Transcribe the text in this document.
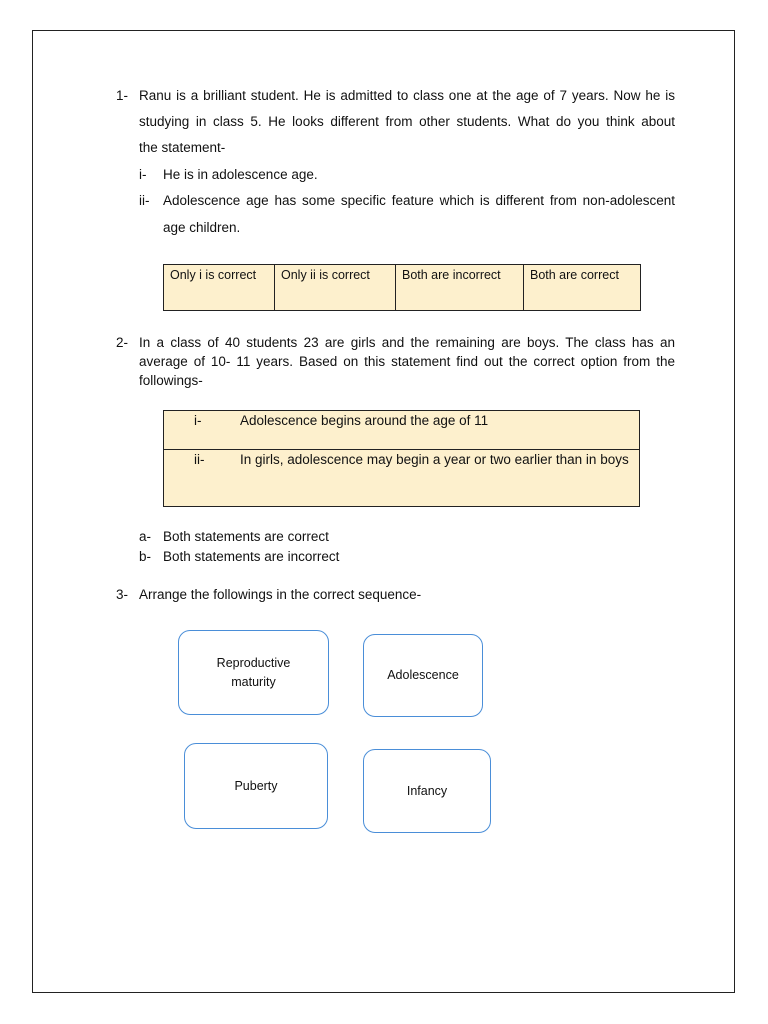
1- Ranu is a brilliant student. He is admitted to class one at the age of 7 years. Now he is
studying in class 5. He looks different from other students. What do you think about
the statement-
i- He is in adolescence age.
ii- Adolescence age has some specific feature which is different from non-adolescent
age children.
Only i is correct	Only ii is correct	Both are incorrect	Both are correct
2- In a class of 40 students 23 are girls and the remaining are boys. The class has an
average of 10- 11 years. Based on this statement find out the correct option from the
followings-
i-	Adolescence begins around the age of 11
ii-	In girls, adolescence may begin a year or two earlier than in boys
a- Both statements are correct
b- Both statements are incorrect
3- Arrange the followings in the correct sequence-
Reproductive maturity	Adolescence
Puberty	Infancy
